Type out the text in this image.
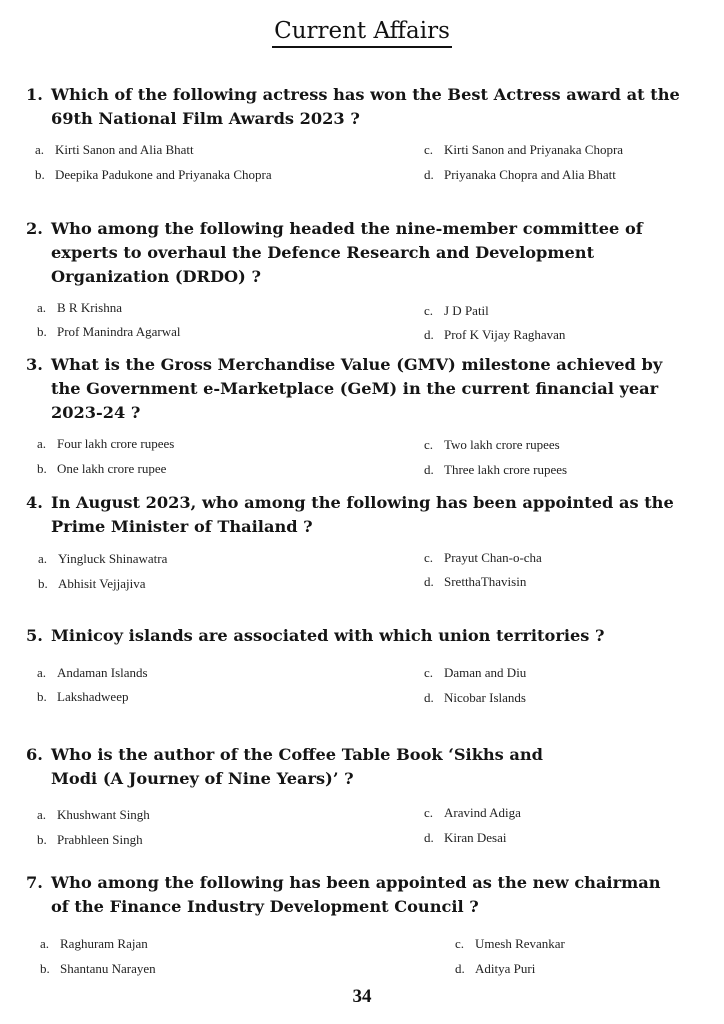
Current Affairs
1. Which of the following actress has won the Best Actress award at the 69th National Film Awards 2023 ?
a. Kirti Sanon and Alia Bhatt
b. Deepika Padukone and Priyanaka Chopra
c. Kirti Sanon and Priyanaka Chopra
d. Priyanaka Chopra and Alia Bhatt
2. Who among the following headed the nine-member committee of experts to overhaul the Defence Research and Development Organization (DRDO) ?
a. B R Krishna
b. Prof Manindra Agarwal
c. J D Patil
d. Prof K Vijay Raghavan
3. What is the Gross Merchandise Value (GMV) milestone achieved by the Government e-Marketplace (GeM) in the current financial year 2023-24 ?
a. Four lakh crore rupees
b. One lakh crore rupee
c. Two lakh crore rupees
d. Three lakh crore rupees
4. In August 2023, who among the following has been appointed as the Prime Minister of Thailand ?
a. Yingluck Shinawatra
b. Abhisit Vejjajiva
c. Prayut Chan-o-cha
d. SretthaThavisin
5. Minicoy islands are associated with which union territories ?
a. Andaman Islands
b. Lakshadweep
c. Daman and Diu
d. Nicobar Islands
6. Who is the author of the Coffee Table Book ‘Sikhs and Modi (A Journey of Nine Years)’ ?
a. Khushwant Singh
b. Prabhleen Singh
c. Aravind Adiga
d. Kiran Desai
7. Who among the following has been appointed as the new chairman of the Finance Industry Development Council ?
a. Raghuram Rajan
b. Shantanu Narayen
c. Umesh Revankar
d. Aditya Puri
34
